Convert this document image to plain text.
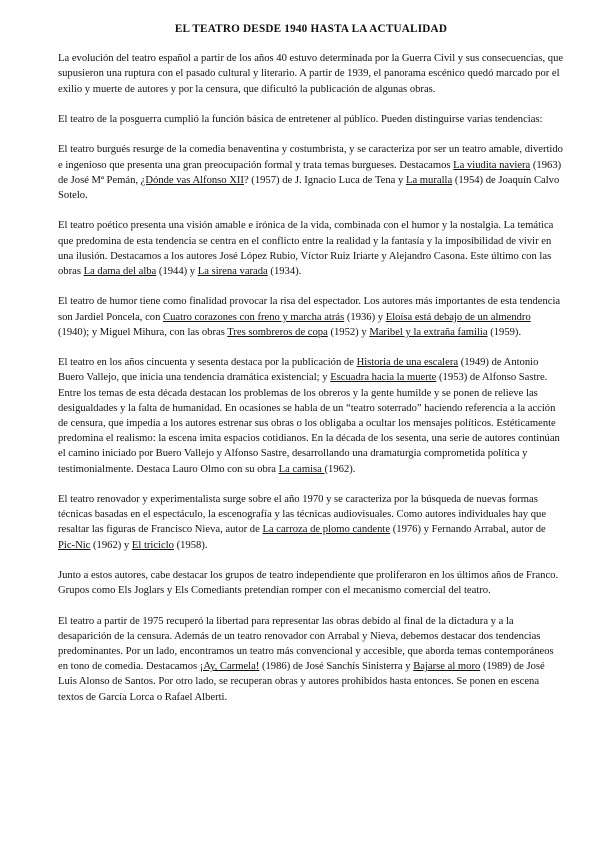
EL TEATRO DESDE 1940 HASTA LA ACTUALIDAD

La evolución del teatro español a partir de los años 40 estuvo determinada por la Guerra Civil y sus consecuencias, que supusieron una ruptura con el pasado cultural y literario. A partir de 1939, el panorama escénico quedó marcado por el exilio y muerte de autores y por la censura, que dificultó la publicación de algunas obras.

El teatro de la posguerra cumplió la función básica de entretener al público. Pueden distinguirse varias tendencias:

El teatro burgués resurge de la comedia benaventina y costumbrista, y se caracteriza por ser un teatro amable, divertido e ingenioso que presenta una gran preocupación formal y trata temas burgueses. Destacamos La viudita naviera (1963) de José Mª Pemán, ¿Dónde vas Alfonso XII? (1957) de J. Ignacio Luca de Tena y La muralla (1954) de Joaquín Calvo Sotelo.

El teatro poético presenta una visión amable e irónica de la vida, combinada con el humor y la nostalgia. La temática que predomina de esta tendencia se centra en el conflicto entre la realidad y la fantasía y la imposibilidad de vivir en una ilusión. Destacamos a los autores José López Rubio, Víctor Ruiz Iriarte y Alejandro Casona. Este último con las obras La dama del alba (1944) y La sirena varada (1934).

El teatro de humor tiene como finalidad provocar la risa del espectador. Los autores más importantes de esta tendencia son Jardiel Poncela, con Cuatro corazones con freno y marcha atrás (1936) y Eloísa está debajo de un almendro (1940); y Miguel Mihura, con las obras Tres sombreros de copa (1952) y Maribel y la extraña familia (1959).

El teatro en los años cincuenta y sesenta destaca por la publicación de Historia de una escalera (1949) de Antonio Buero Vallejo, que inicia una tendencia dramática existencial; y Escuadra hacia la muerte (1953) de Alfonso Sastre. Entre los temas de esta década destacan los problemas de los obreros y la gente humilde y se ponen de relieve las desigualdades y la falta de humanidad. En ocasiones se habla de un “teatro soterrado” haciendo referencia a la acción de censura, que impedía a los autores estrenar sus obras o los obligaba a ocultar los mensajes políticos. Estéticamente predomina el realismo: la escena imita espacios cotidianos. En la década de los sesenta, una serie de autores continúan el camino iniciado por Buero Vallejo y Alfonso Sastre, desarrollando una dramaturgia comprometida política y testimonialmente. Destaca Lauro Olmo con su obra La camisa (1962).

El teatro renovador y experimentalista surge sobre el año 1970 y se caracteriza por la búsqueda de nuevas formas técnicas basadas en el espectáculo, la escenografía y las técnicas audiovisuales. Como autores individuales hay que resaltar las figuras de Francisco Nieva, autor de La carroza de plomo candente (1976) y Fernando Arrabal, autor de Pic-Nic (1962) y El triciclo (1958).

Junto a estos autores, cabe destacar los grupos de teatro independiente que proliferaron en los últimos años de Franco. Grupos como Els Joglars y Els Comediants pretendían romper con el mecanismo comercial del teatro.

El teatro a partir de 1975 recuperó la libertad para representar las obras debido al final de la dictadura y a la desaparición de la censura. Además de un teatro renovador con Arrabal y Nieva, debemos destacar dos tendencias predominantes. Por un lado, encontramos un teatro más convencional y accesible, que aborda temas contemporáneos en tono de comedia. Destacamos ¡Ay, Carmela! (1986) de José Sanchís Sinisterra y Bajarse al moro (1989) de José Luis Alonso de Santos. Por otro lado, se recuperan obras y autores prohibidos hasta entonces. Se ponen en escena textos de García Lorca o Rafael Alberti.
